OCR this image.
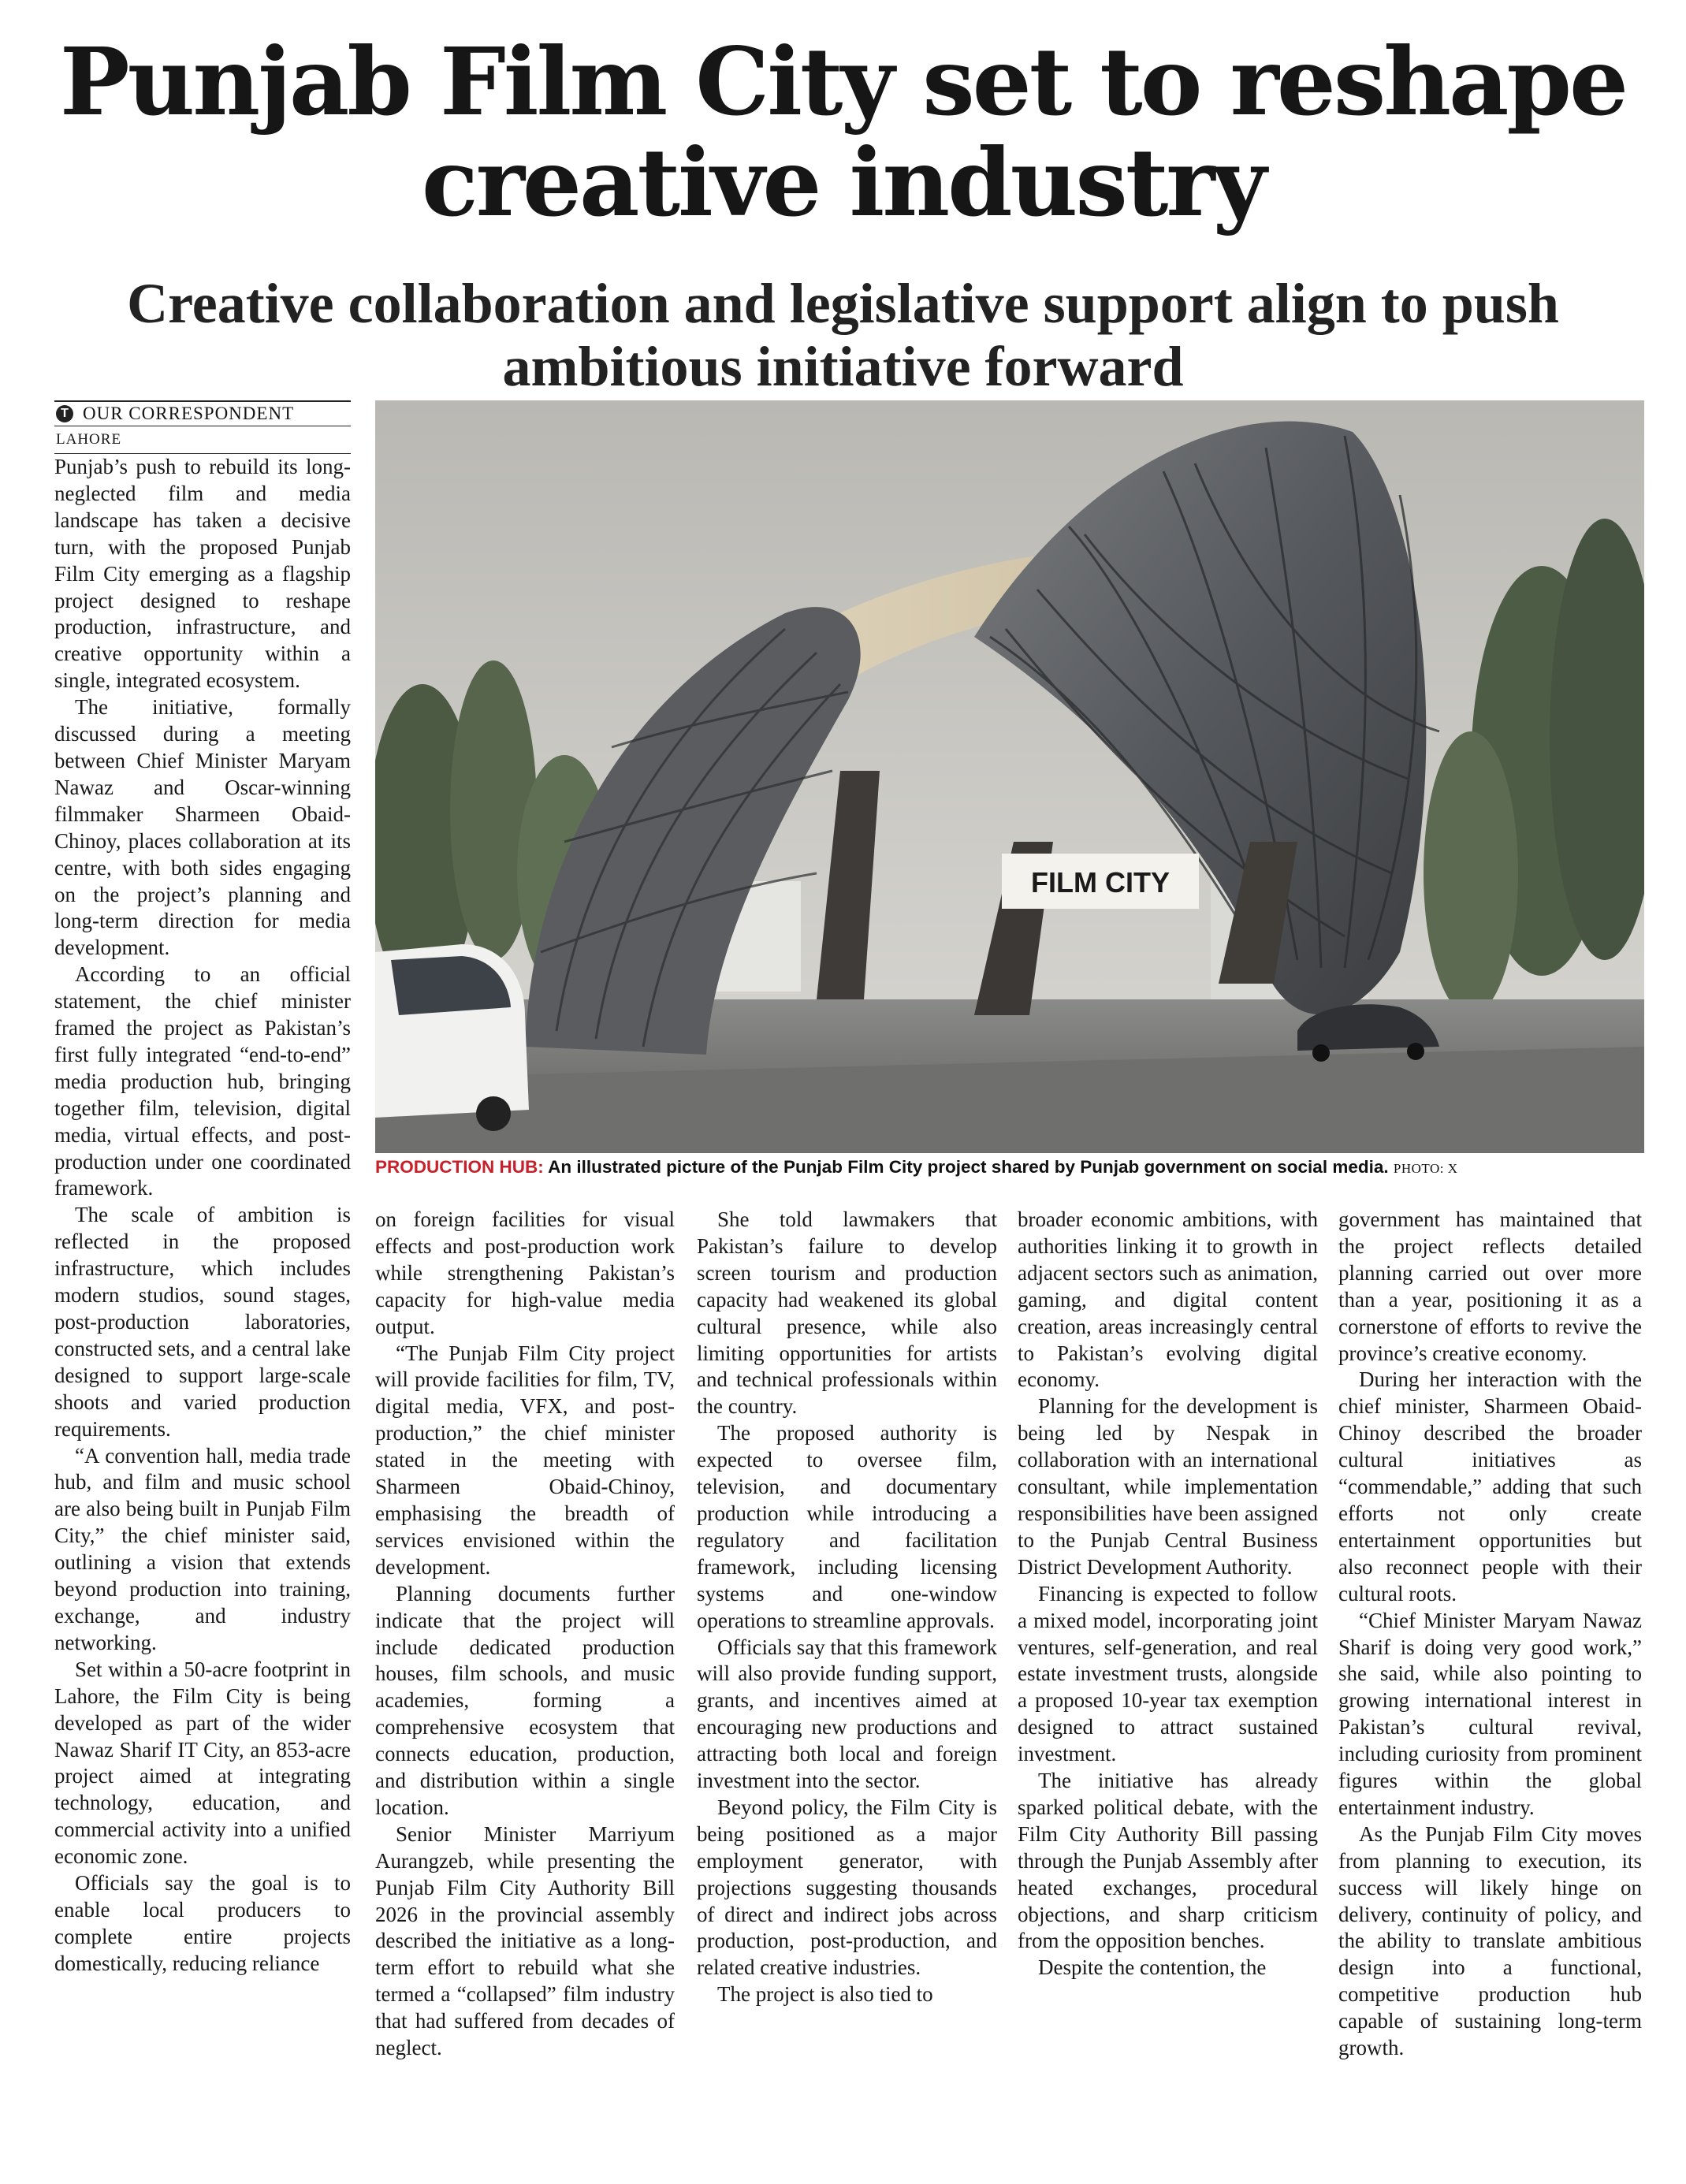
Punjab Film City set to reshape
creative industry
Creative collaboration and legislative support align to push
ambitious initiative forward
T OUR CORRESPONDENT
LAHORE
FILM CITY
PRODUCTION HUB: An illustrated picture of the Punjab Film City project shared by Punjab government on social media. PHOTO: X

Punjab’s push to rebuild its long-neglected film and media landscape has taken a decisive turn, with the proposed Punjab Film City emerging as a flagship project designed to reshape production, infrastructure, and creative opportunity within a single, integrated ecosystem.

The initiative, formally discussed during a meeting between Chief Minister Maryam Nawaz and Oscar-winning filmmaker Sharmeen Obaid-Chinoy, places collaboration at its centre, with both sides engaging on the project’s planning and long-term direction for media development.

According to an official statement, the chief minister framed the project as Pakistan’s first fully integrated “end-to-end” media production hub, bringing together film, television, digital media, virtual effects, and post-production under one coordinated framework.

The scale of ambition is reflected in the proposed infrastructure, which includes modern studios, sound stages, post-production laboratories, constructed sets, and a central lake designed to support large-scale shoots and varied production requirements.

“A convention hall, media trade hub, and film and music school are also being built in Punjab Film City,” the chief minister said, outlining a vision that extends beyond production into training, exchange, and industry networking.

Set within a 50-acre footprint in Lahore, the Film City is being developed as part of the wider Nawaz Sharif IT City, an 853-acre project aimed at integrating technology, education, and commercial activity into a unified economic zone.

Officials say the goal is to enable local producers to complete entire projects domestically, reducing reliance

on foreign facilities for visual effects and post-production work while strengthening Pakistan’s capacity for high-value media output.

“The Punjab Film City project will provide facilities for film, TV, digital media, VFX, and post-production,” the chief minister stated in the meeting with Sharmeen Obaid-Chinoy, emphasising the breadth of services envisioned within the development.

Planning documents further indicate that the project will include dedicated production houses, film schools, and music academies, forming a comprehensive ecosystem that connects education, production, and distribution within a single location.

Senior Minister Marriyum Aurangzeb, while presenting the Punjab Film City Authority Bill 2026 in the provincial assembly described the initiative as a long-term effort to rebuild what she termed a “collapsed” film industry that had suffered from decades of neglect.

She told lawmakers that Pakistan’s failure to develop screen tourism and production capacity had weakened its global cultural presence, while also limiting opportunities for artists and technical professionals within the country.

The proposed authority is expected to oversee film, television, and documentary production while introducing a regulatory and facilitation framework, including licensing systems and one-window operations to streamline approvals.

Officials say that this framework will also provide funding support, grants, and incentives aimed at encouraging new productions and attracting both local and foreign investment into the sector.

Beyond policy, the Film City is being positioned as a major employment generator, with projections suggesting thousands of direct and indirect jobs across production, post-production, and related creative industries.

The project is also tied to

broader economic ambitions, with authorities linking it to growth in adjacent sectors such as animation, gaming, and digital content creation, areas increasingly central to Pakistan’s evolving digital economy.

Planning for the development is being led by Nespak in collaboration with an international consultant, while implementation responsibilities have been assigned to the Punjab Central Business District Development Authority.

Financing is expected to follow a mixed model, incorporating joint ventures, self-generation, and real estate investment trusts, alongside a proposed 10-year tax exemption designed to attract sustained investment.

The initiative has already sparked political debate, with the Film City Authority Bill passing through the Punjab Assembly after heated exchanges, procedural objections, and sharp criticism from the opposition benches.

Despite the contention, the

government has maintained that the project reflects detailed planning carried out over more than a year, positioning it as a cornerstone of efforts to revive the province’s creative economy.

During her interaction with the chief minister, Sharmeen Obaid-Chinoy described the broader cultural initiatives as “commendable,” adding that such efforts not only create entertainment opportunities but also reconnect people with their cultural roots.

“Chief Minister Maryam Nawaz Sharif is doing very good work,” she said, while also pointing to growing international interest in Pakistan’s cultural revival, including curiosity from prominent figures within the global entertainment industry.

As the Punjab Film City moves from planning to execution, its success will likely hinge on delivery, continuity of policy, and the ability to translate ambitious design into a functional, competitive production hub capable of sustaining long-term growth.
